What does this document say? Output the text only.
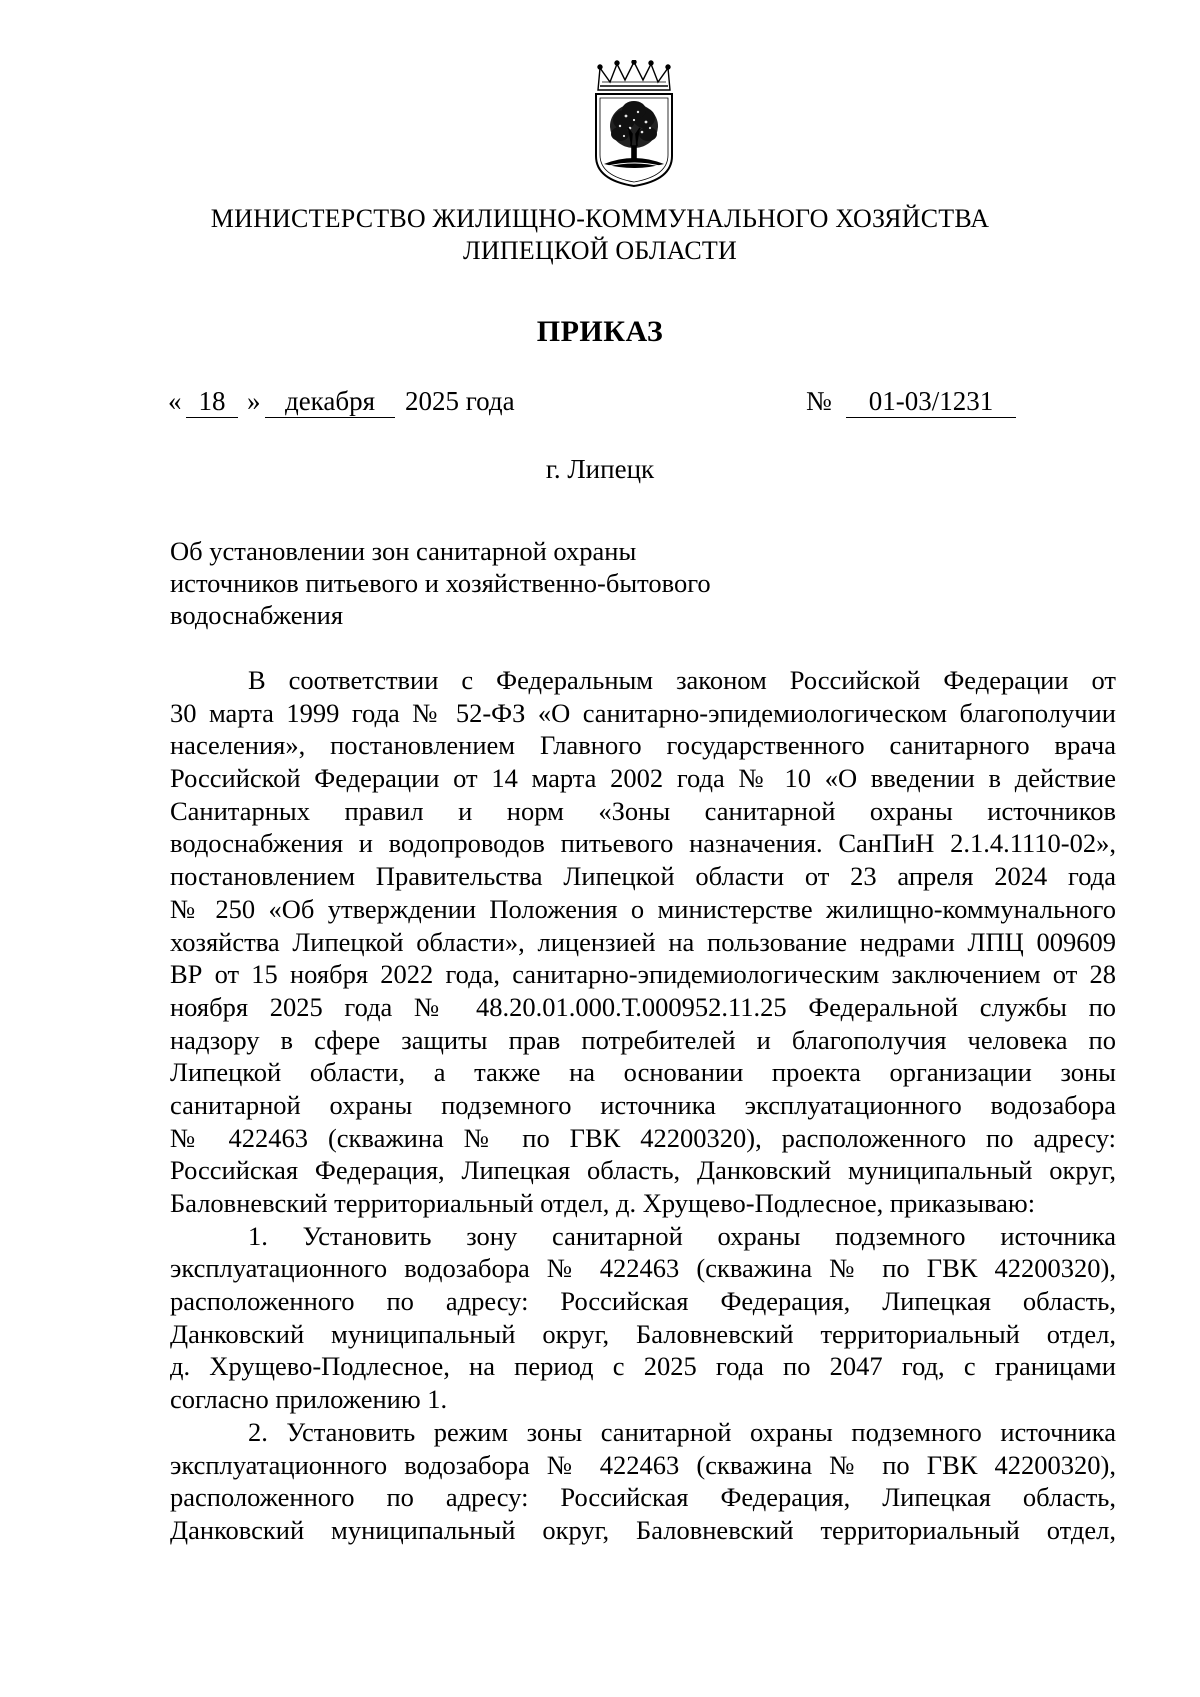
МИНИСТЕРСТВО ЖИЛИЩНО-КОММУНАЛЬНОГО ХОЗЯЙСТВА
ЛИПЕЦКОЙ ОБЛАСТИ
ПРИКАЗ
« 18 » декабря	2025 года	№	01-03/1231
г. Липецк
Об установлении зон санитарной охраны
источников питьевого и хозяйственно-бытового
водоснабжения
В соответствии с Федеральным законом Российской Федерации от
30 марта 1999 года № 52-ФЗ «О санитарно-эпидемиологическом благополучии
населения», постановлением Главного государственного санитарного врача
Российской Федерации от 14 марта 2002 года № 10 «О введении в действие
Санитарных правил и норм «Зоны санитарной охраны источников
водоснабжения и водопроводов питьевого назначения. СанПиН 2.1.4.1110-02»,
постановлением Правительства Липецкой области от 23 апреля 2024 года
№ 250 «Об утверждении Положения о министерстве жилищно-коммунального
хозяйства Липецкой области», лицензией на пользование недрами ЛПЦ 009609
ВР от 15 ноября 2022 года, санитарно-эпидемиологическим заключением от 28
ноября 2025 года № 48.20.01.000.Т.000952.11.25 Федеральной службы по
надзору в сфере защиты прав потребителей и благополучия человека по
Липецкой области, а также на основании проекта организации зоны
санитарной охраны подземного источника эксплуатационного водозабора
№ 422463 (скважина № по ГВК 42200320), расположенного по адресу:
Российская Федерация, Липецкая область, Данковский муниципальный округ,
Баловневский территориальный отдел, д. Хрущево-Подлесное, приказываю:
1. Установить зону санитарной охраны подземного источника
эксплуатационного водозабора № 422463 (скважина № по ГВК 42200320),
расположенного по адресу: Российская Федерация, Липецкая область,
Данковский муниципальный округ, Баловневский территориальный отдел,
д. Хрущево-Подлесное, на период с 2025 года по 2047 год, с границами
согласно приложению 1.
2. Установить режим зоны санитарной охраны подземного источника
эксплуатационного водозабора № 422463 (скважина № по ГВК 42200320),
расположенного по адресу: Российская Федерация, Липецкая область,
Данковский муниципальный округ, Баловневский территориальный отдел,
